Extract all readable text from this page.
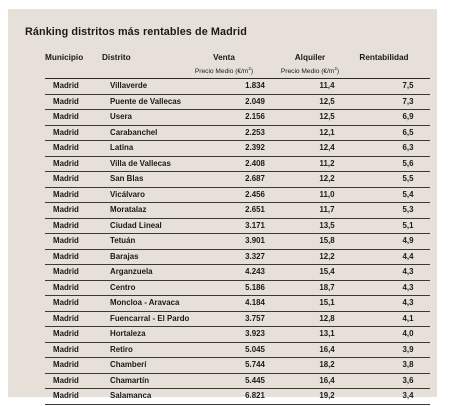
Ránking distritos más rentables de Madrid
Municipio Distrito	Venta	Alquiler	Rentabilidad
Precio Medio $(€/m^2)$	Precio Medio $(€/m^2)$
Madrid	Villaverde	1.834	11,4	7,5
Madrid	Puente de Vallecas	2.049	12,5	7,3
Madrid	Usera	2.156	12,5	6,9
Madrid	Carabanchel	2.253	12,1	6,5
Madrid	Latina	2.392	12,4	6,3
Madrid	Villa de Vallecas	2.408	11,2	5,6
Madrid	San Blas	2.687	12,2	5,5
Madrid	Vicálvaro	2.456	11,0	5,4
Madrid	Moratalaz	2.651	11,7	5,3
Madrid	Ciudad Lineal	3.171	13,5	5,1
Madrid	Tetuán	3.901	15,8	4,9
Madrid	Barajas	3.327	12,2	4,4
Madrid	Arganzuela	4.243	15,4	4,3
Madrid	Centro	5.186	18,7	4,3
Madrid	Moncloa - Aravaca	4.184	15,1	4,3
Madrid	Fuencarral - El Pardo	3.757	12,8	4,1
Madrid	Hortaleza	3.923	13,1	4,0
Madrid	Retiro	5.045	16,4	3,9
Madrid	Chamberí	5.744	18,2	3,8
Madrid	Chamartín	5.445	16,4	3,6
Madrid	Salamanca	6.821	19,2	3,4
